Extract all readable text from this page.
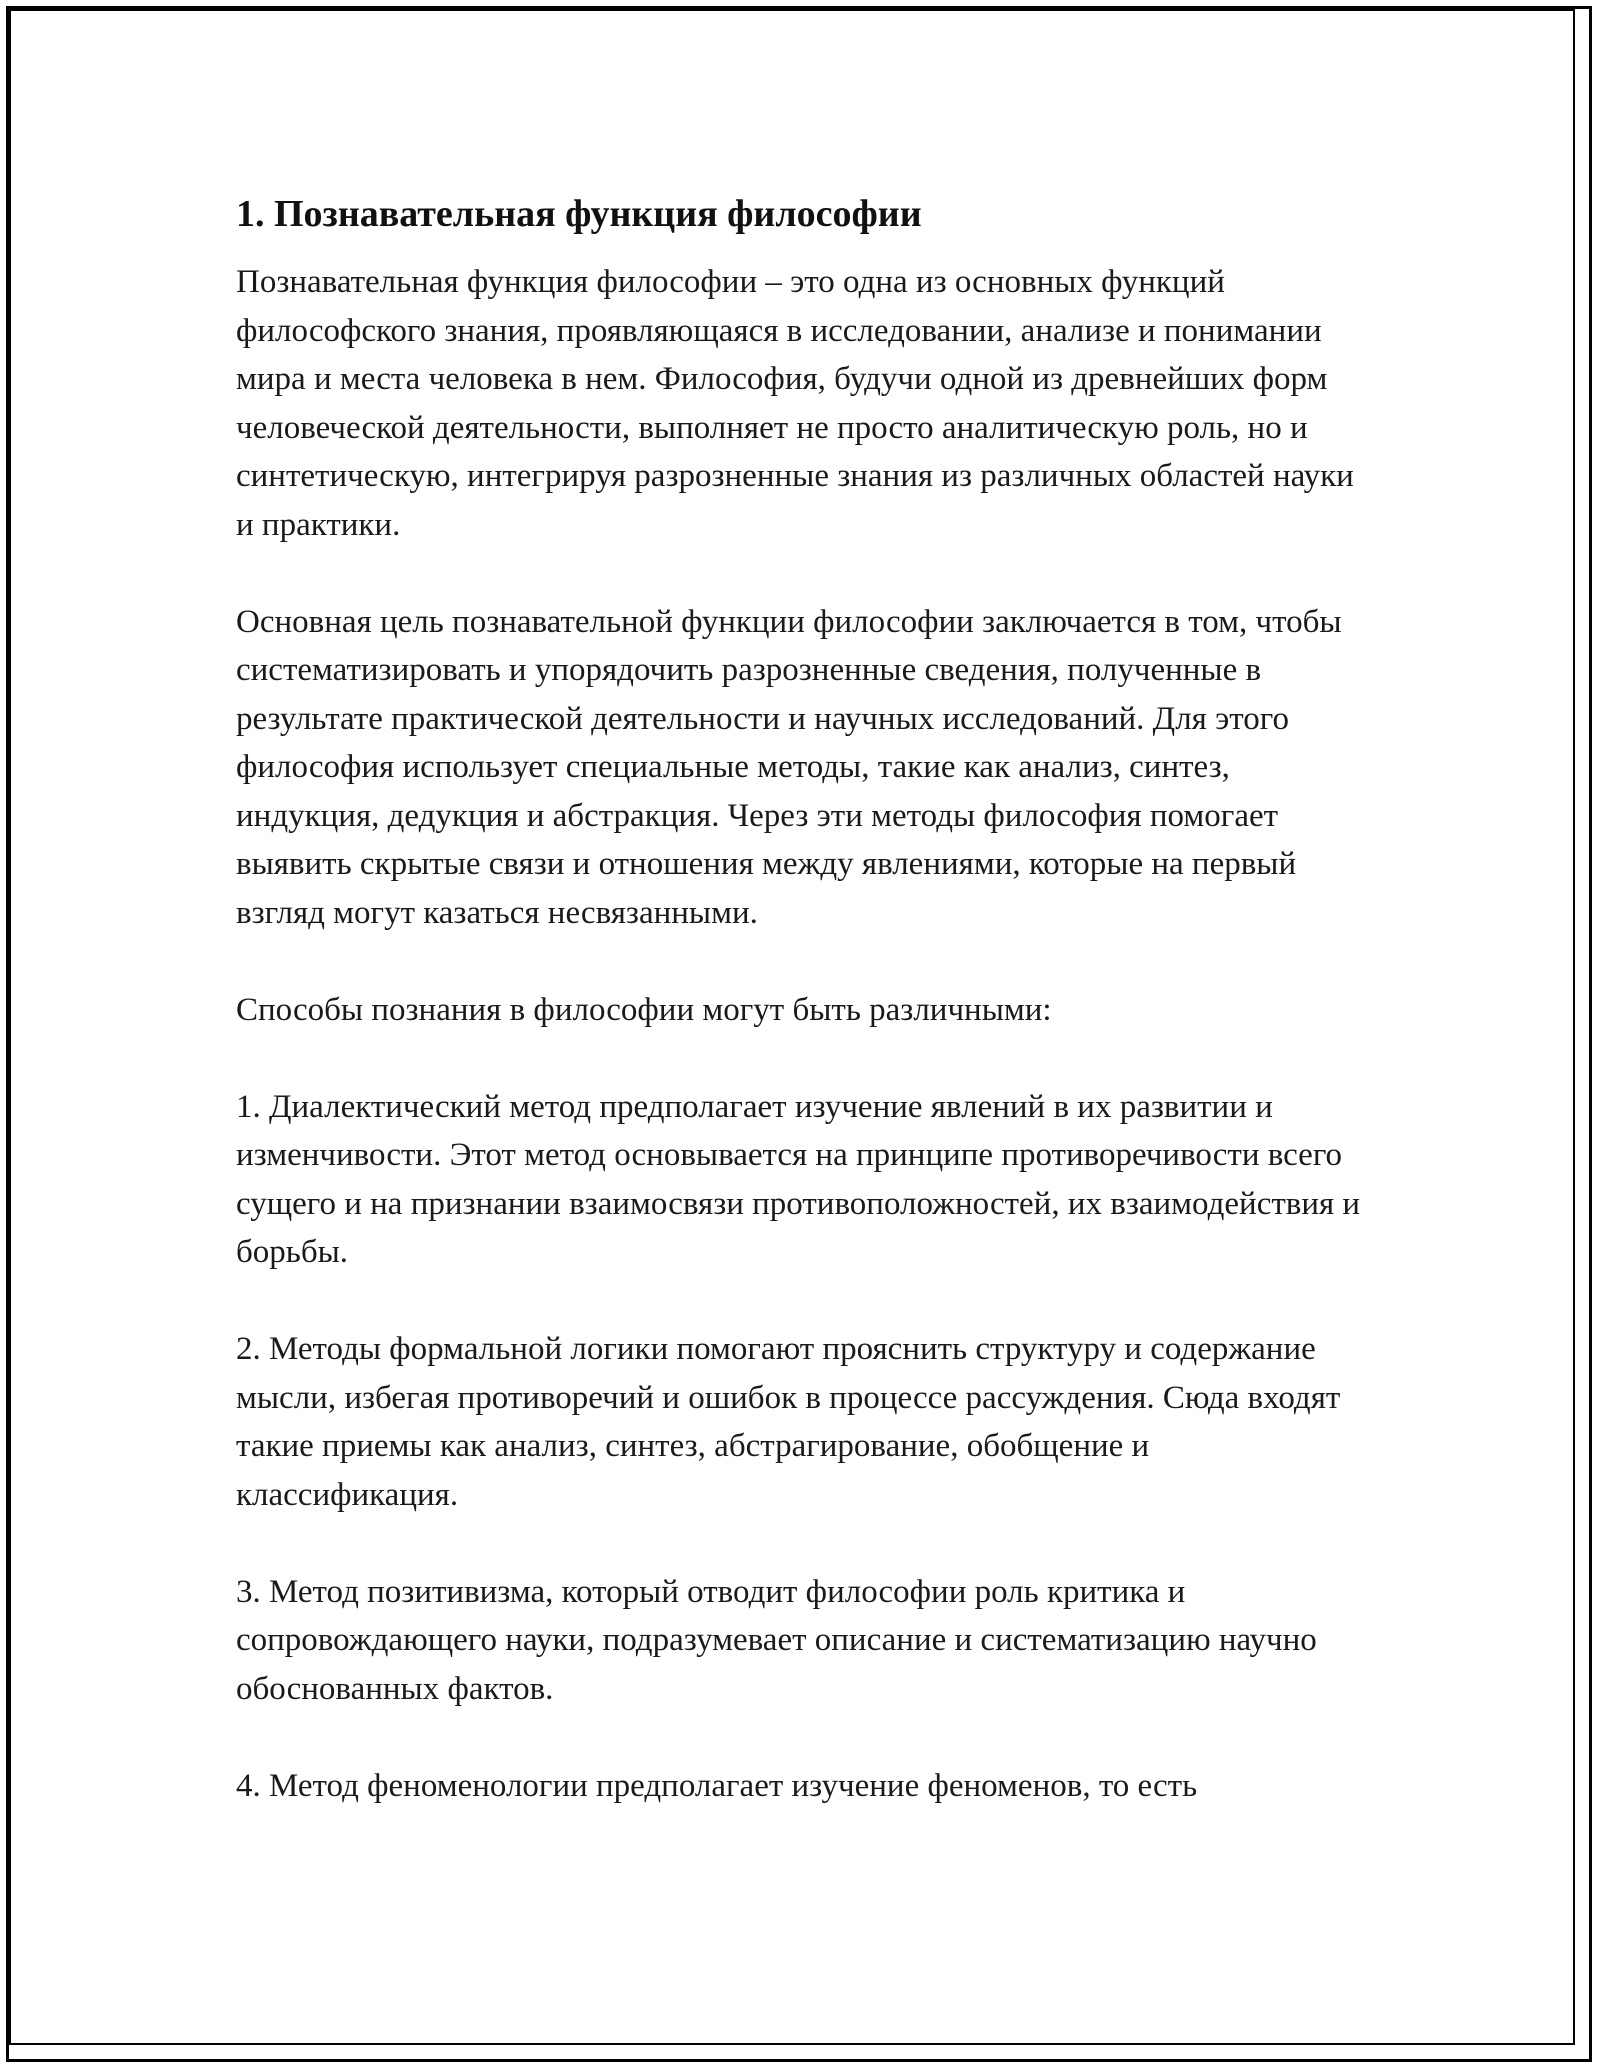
1. Познавательная функция философии

Познавательная функция философии – это одна из основных функций философского знания, проявляющаяся в исследовании, анализе и понимании мира и места человека в нем. Философия, будучи одной из древнейших форм человеческой деятельности, выполняет не просто аналитическую роль, но и синтетическую, интегрируя разрозненные знания из различных областей науки и практики.

Основная цель познавательной функции философии заключается в том, чтобы систематизировать и упорядочить разрозненные сведения, полученные в результате практической деятельности и научных исследований. Для этого философия использует специальные методы, такие как анализ, синтез, индукция, дедукция и абстракция. Через эти методы философия помогает выявить скрытые связи и отношения между явлениями, которые на первый взгляд могут казаться несвязанными.

Способы познания в философии могут быть различными:

1. Диалектический метод предполагает изучение явлений в их развитии и изменчивости. Этот метод основывается на принципе противоречивости всего сущего и на признании взаимосвязи противоположностей, их взаимодействия и борьбы.

2. Методы формальной логики помогают прояснить структуру и содержание мысли, избегая противоречий и ошибок в процессе рассуждения. Сюда входят такие приемы как анализ, синтез, абстрагирование, обобщение и классификация.

3. Метод позитивизма, который отводит философии роль критика и сопровождающего науки, подразумевает описание и систематизацию научно обоснованных фактов.

4. Метод феноменологии предполагает изучение феноменов, то есть
